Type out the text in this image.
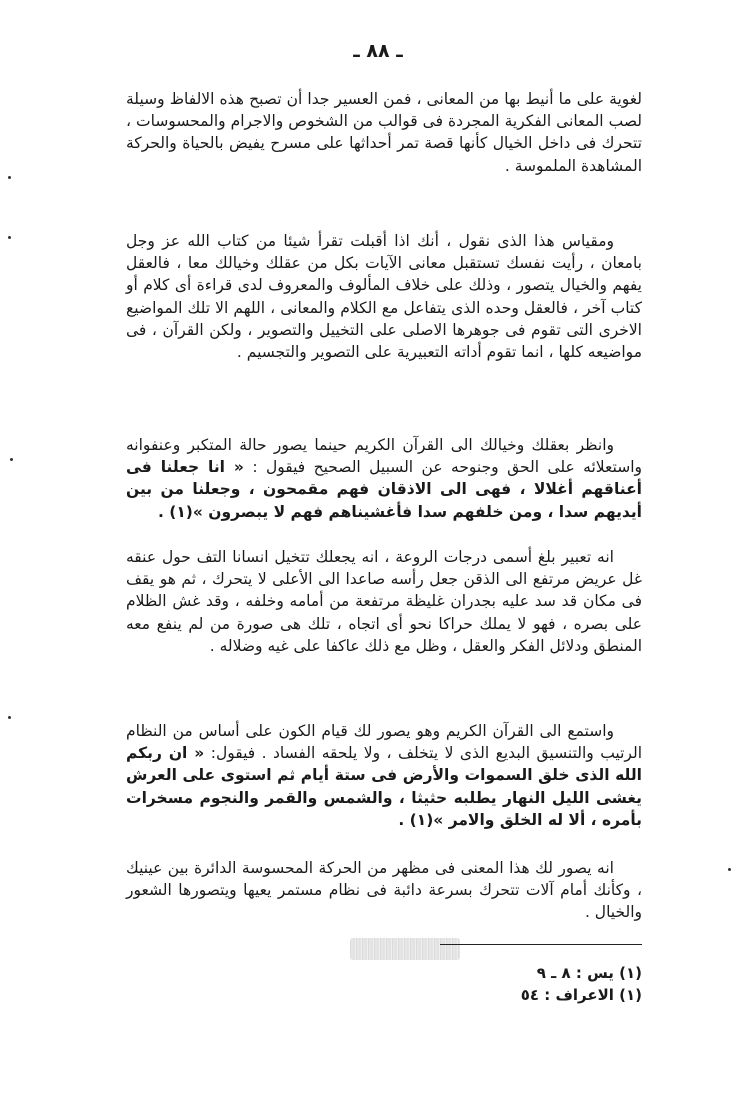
ـ ٨٨ ـ

لغوية على ما أنيط بها من المعانى ، فمن العسير جدا أن تصبح هذه الالفاظ وسيلة لصب المعانى الفكرية المجردة فى قوالب من الشخوص والاجرام والمحسوسات ، تتحرك فى داخل الخيال كأنها قصة تمر أحداثها على مسرح يفيض بالحياة والحركة المشاهدة الملموسة .

ومقياس هذا الذى نقول ، أنك اذا أقبلت تقرأ شيئا من كتاب الله عز وجل بامعان ، رأيت نفسك تستقبل معانى الآيات بكل من عقلك وخيالك معا ، فالعقل يفهم والخيال يتصور ، وذلك على خلاف المألوف والمعروف لدى قراءة أى كلام أو كتاب آخر ، فالعقل وحده الذى يتفاعل مع الكلام والمعانى ، اللهم الا تلك المواضيع الاخرى التى تقوم فى جوهرها الاصلى على التخييل والتصوير ، ولكن القرآن ، فى مواضيعه كلها ، انما تقوم أداته التعبيرية على التصوير والتجسيم .

وانظر بعقلك وخيالك الى القرآن الكريم حينما يصور حالة المتكبر وعنفوانه واستعلائه على الحق وجنوحه عن السبيل الصحيح فيقول : « انا جعلنا فى أعناقهم أغلالا ، فهى الى الاذقان فهم مقمحون ، وجعلنا من بين أيديهم سدا ، ومن خلفهم سدا فأغشيناهم فهم لا يبصرون »(١) .

انه تعبير بلغ أسمى درجات الروعة ، انه يجعلك تتخيل انسانا التف حول عنقه غل عريض مرتفع الى الذقن جعل رأسه صاعدا الى الأعلى لا يتحرك ، ثم هو يقف فى مكان قد سد عليه بجدران غليظة مرتفعة من أمامه وخلفه ، وقد غش الظلام على بصره ، فهو لا يملك حراكا نحو أى اتجاه ، تلك هى صورة من لم ينفع معه المنطق ودلائل الفكر والعقل ، وظل مع ذلك عاكفا على غيه وضلاله .

واستمع الى القرآن الكريم وهو يصور لك قيام الكون على أساس من النظام الرتيب والتنسيق البديع الذى لا يتخلف ، ولا يلحقه الفساد . فيقول: « ان ربكم الله الذى خلق السموات والأرض فى ستة أيام ثم استوى على العرش يغشى الليل النهار يطلبه حثيثا ، والشمس والقمر والنجوم مسخرات بأمره ، ألا له الخلق والامر »(١) .

انه يصور لك هذا المعنى فى مظهر من الحركة المحسوسة الدائرة بين عينيك ، وكأنك أمام آلات تتحرك بسرعة دائبة فى نظام مستمر يعيها ويتصورها الشعور والخيال .

(١) يس : ٨ ـ ٩
(١) الاعراف : ٥٤
